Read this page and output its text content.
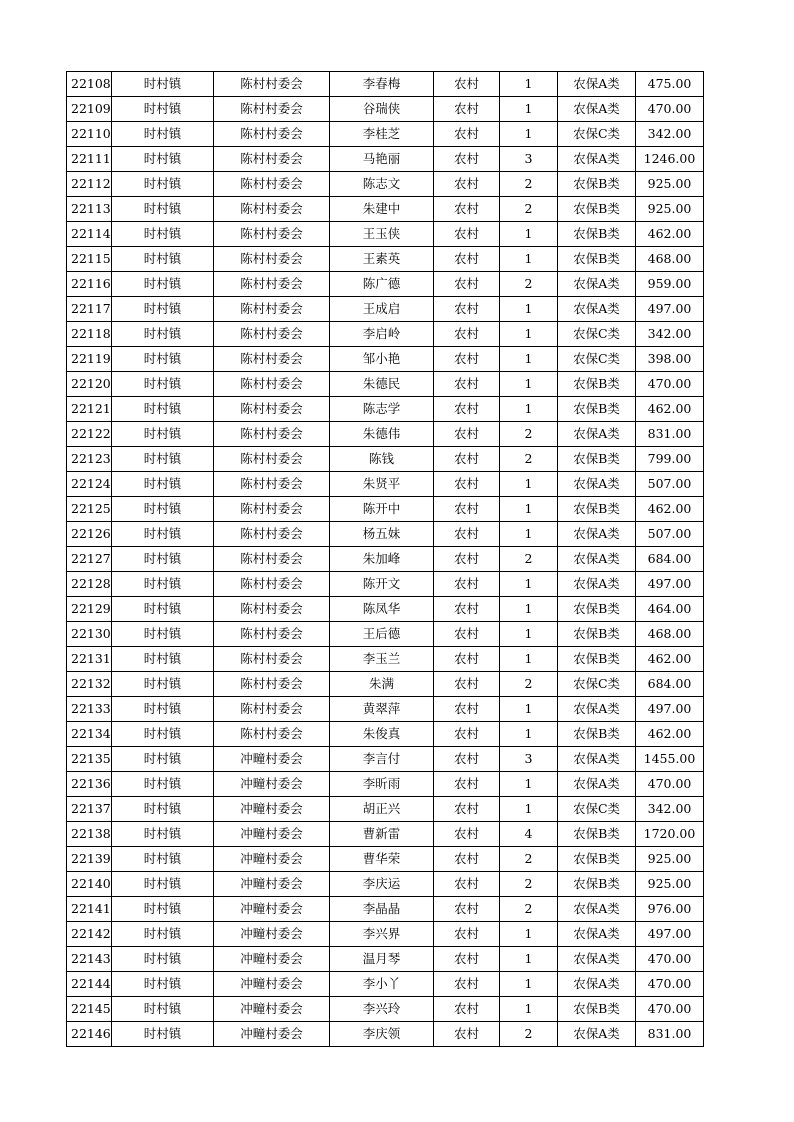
22108	时村镇	陈村村委会	李春梅	农村	1	农保A类	475.00
22109	时村镇	陈村村委会	谷瑞侠	农村	1	农保A类	470.00
22110	时村镇	陈村村委会	李桂芝	农村	1	农保C类	342.00
22111	时村镇	陈村村委会	马艳丽	农村	3	农保A类	1246.00
22112	时村镇	陈村村委会	陈志文	农村	2	农保B类	925.00
22113	时村镇	陈村村委会	朱建中	农村	2	农保B类	925.00
22114	时村镇	陈村村委会	王玉侠	农村	1	农保B类	462.00
22115	时村镇	陈村村委会	王素英	农村	1	农保B类	468.00
22116	时村镇	陈村村委会	陈广德	农村	2	农保A类	959.00
22117	时村镇	陈村村委会	王成启	农村	1	农保A类	497.00
22118	时村镇	陈村村委会	李启岭	农村	1	农保C类	342.00
22119	时村镇	陈村村委会	邹小艳	农村	1	农保C类	398.00
22120	时村镇	陈村村委会	朱德民	农村	1	农保B类	470.00
22121	时村镇	陈村村委会	陈志学	农村	1	农保B类	462.00
22122	时村镇	陈村村委会	朱德伟	农村	2	农保A类	831.00
22123	时村镇	陈村村委会	陈钱	农村	2	农保B类	799.00
22124	时村镇	陈村村委会	朱贤平	农村	1	农保A类	507.00
22125	时村镇	陈村村委会	陈开中	农村	1	农保B类	462.00
22126	时村镇	陈村村委会	杨五妹	农村	1	农保A类	507.00
22127	时村镇	陈村村委会	朱加峰	农村	2	农保A类	684.00
22128	时村镇	陈村村委会	陈开文	农村	1	农保A类	497.00
22129	时村镇	陈村村委会	陈凤华	农村	1	农保B类	464.00
22130	时村镇	陈村村委会	王后德	农村	1	农保B类	468.00
22131	时村镇	陈村村委会	李玉兰	农村	1	农保B类	462.00
22132	时村镇	陈村村委会	朱满	农村	2	农保C类	684.00
22133	时村镇	陈村村委会	黄翠萍	农村	1	农保A类	497.00
22134	时村镇	陈村村委会	朱俊真	农村	1	农保B类	462.00
22135	时村镇	冲疃村委会	李言付	农村	3	农保A类	1455.00
22136	时村镇	冲疃村委会	李昕雨	农村	1	农保A类	470.00
22137	时村镇	冲疃村委会	胡正兴	农村	1	农保C类	342.00
22138	时村镇	冲疃村委会	曹新雷	农村	4	农保B类	1720.00
22139	时村镇	冲疃村委会	曹华荣	农村	2	农保B类	925.00
22140	时村镇	冲疃村委会	李庆运	农村	2	农保B类	925.00
22141	时村镇	冲疃村委会	李晶晶	农村	2	农保A类	976.00
22142	时村镇	冲疃村委会	李兴界	农村	1	农保A类	497.00
22143	时村镇	冲疃村委会	温月琴	农村	1	农保A类	470.00
22144	时村镇	冲疃村委会	李小丫	农村	1	农保A类	470.00
22145	时村镇	冲疃村委会	李兴玲	农村	1	农保B类	470.00
22146	时村镇	冲疃村委会	李庆领	农村	2	农保A类	831.00
